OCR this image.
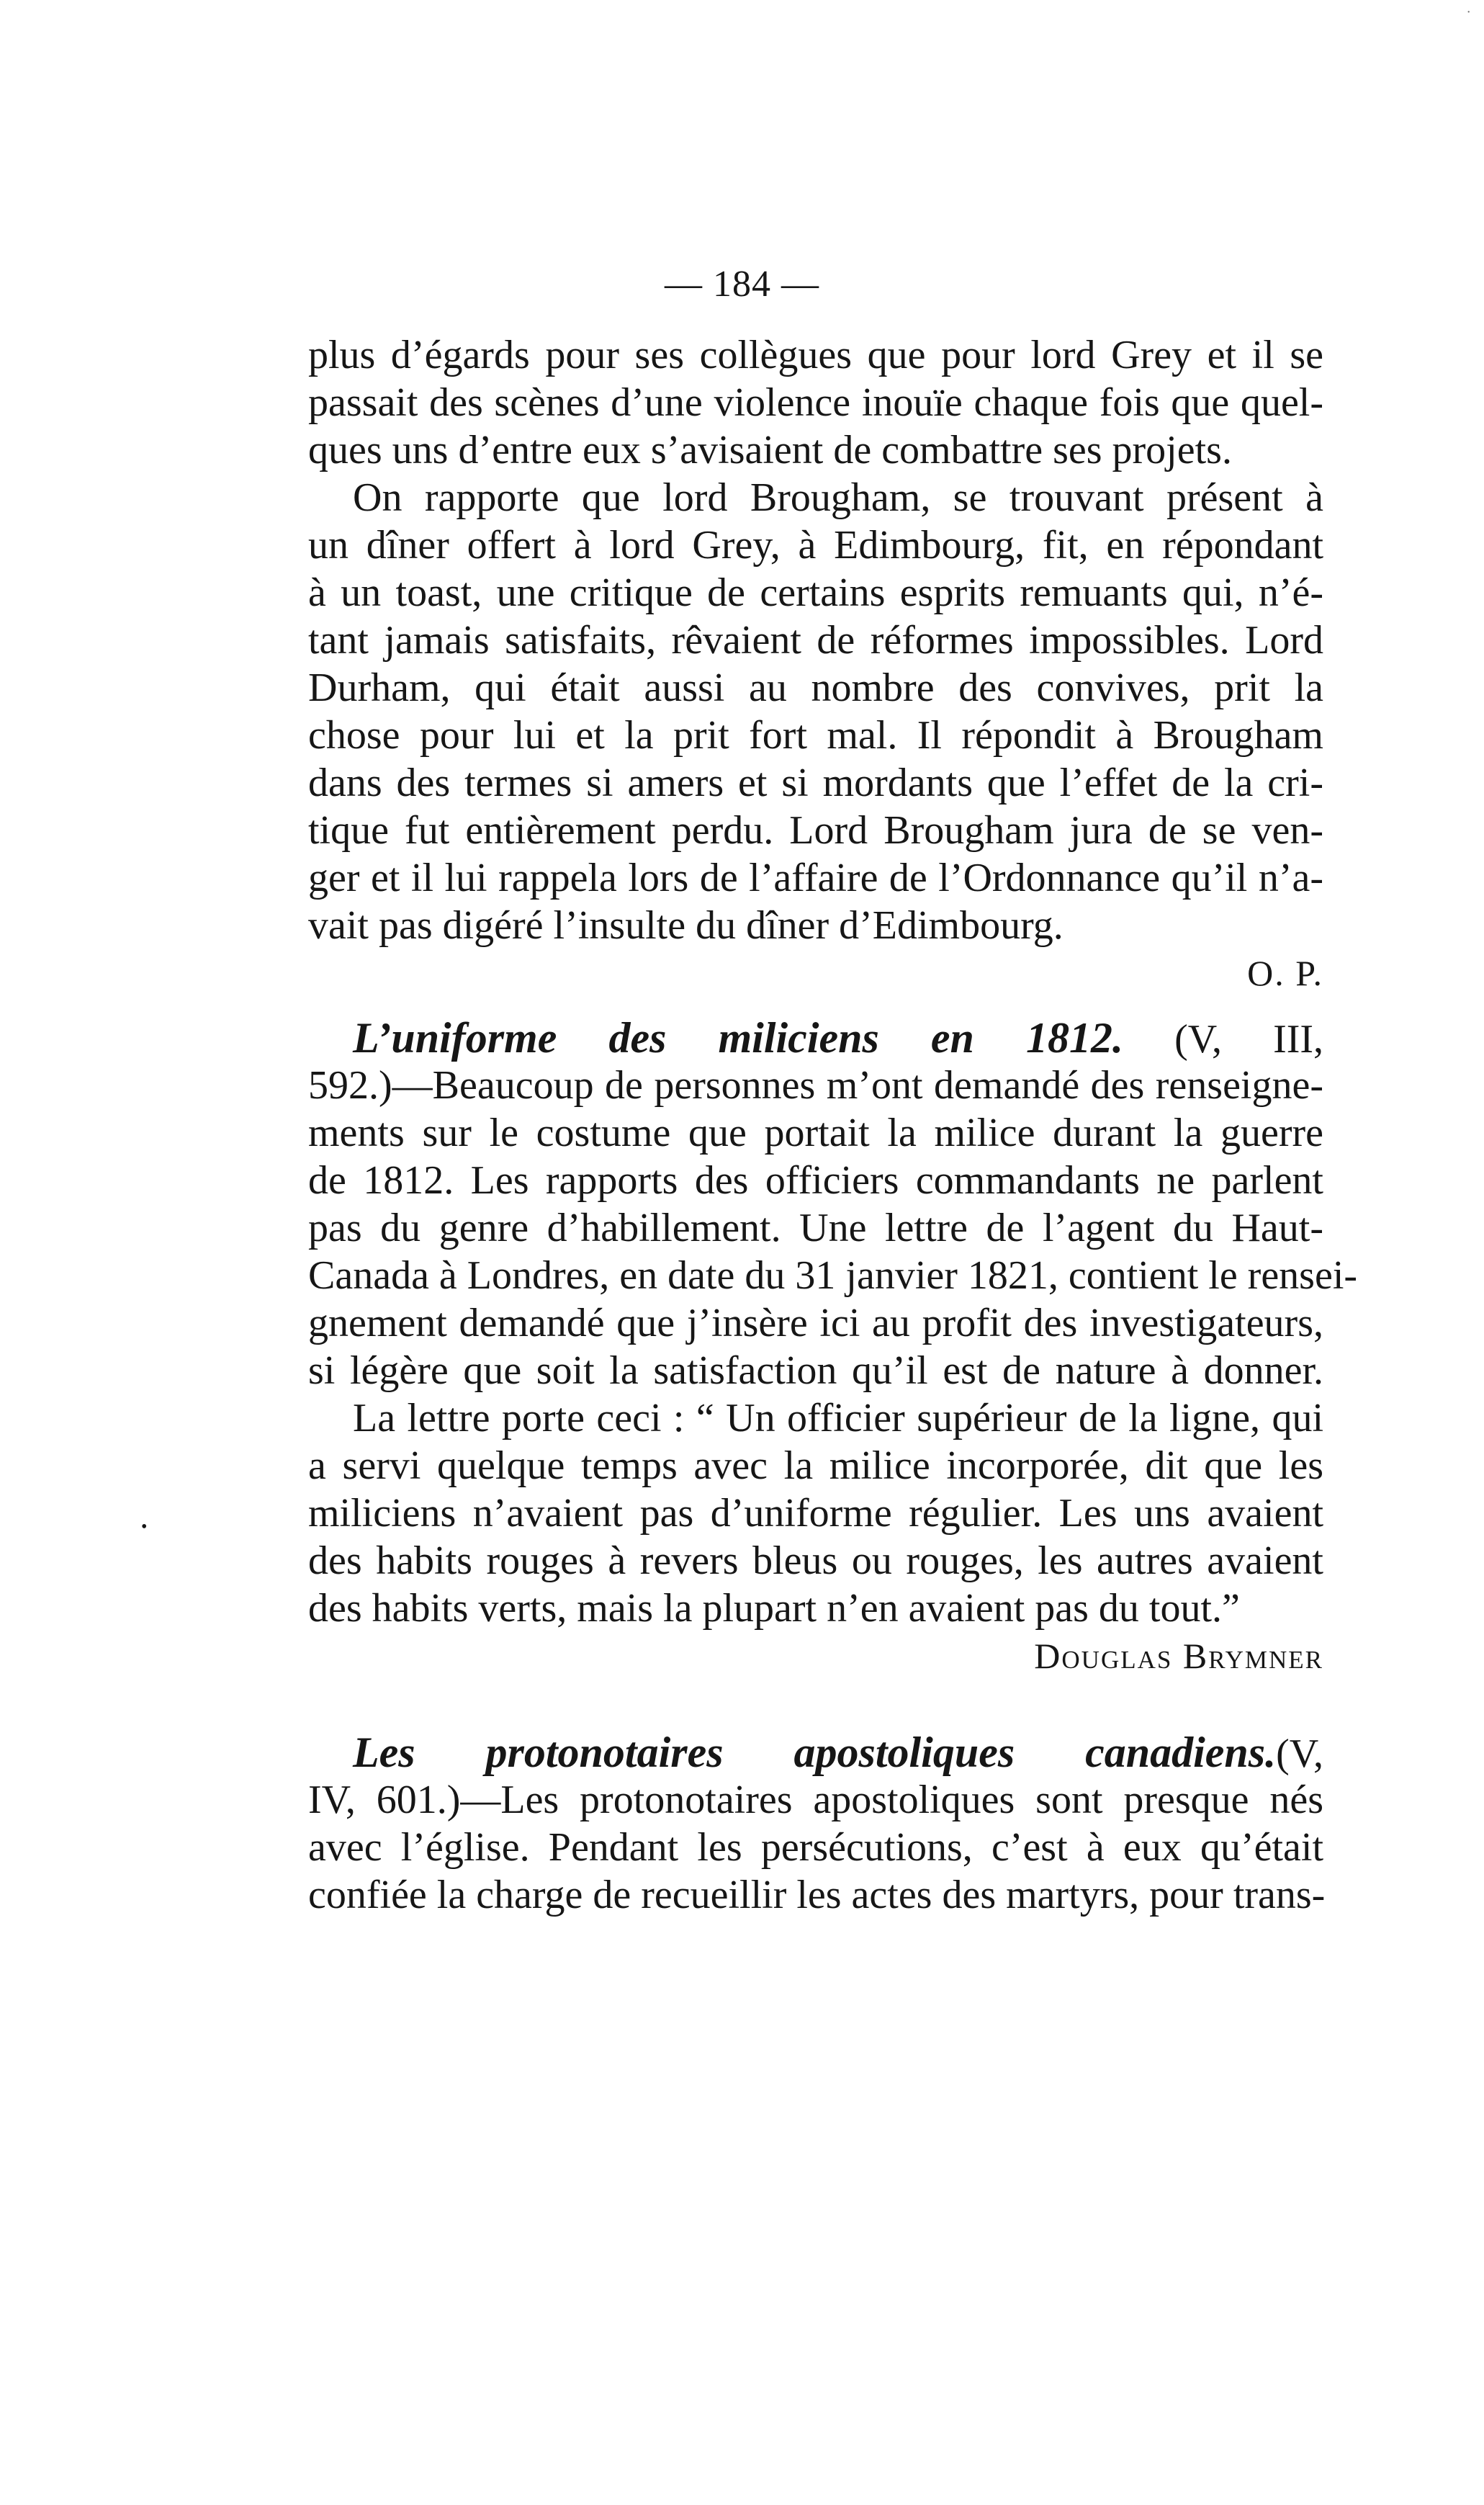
·
— 184 —
plus d’égards pour ses collègues que pour lord Grey et il se
passait des scènes d’une violence inouïe chaque fois que quel-
ques uns d’entre eux s’avisaient de combattre ses projets.
On rapporte que lord Brougham, se trouvant présent à
un dîner offert à lord Grey, à Edimbourg, fit, en répondant
à un toast, une critique de certains esprits remuants qui, n’é-
tant jamais satisfaits, rêvaient de réformes impossibles. Lord
Durham, qui était aussi au nombre des convives, prit la
chose pour lui et la prit fort mal. Il répondit à Brougham
dans des termes si amers et si mordants que l’effet de la cri-
tique fut entièrement perdu. Lord Brougham jura de se ven-
ger et il lui rappela lors de l’affaire de l’Ordonnance qu’il n’a-
vait pas digéré l’insulte du dîner d’Edimbourg.
O. P.
L’uniforme des miliciens en 1812. (V, III,
592.)—Beaucoup de personnes m’ont demandé des renseigne-
ments sur le costume que portait la milice durant la guerre
de 1812. Les rapports des officiers commandants ne parlent
pas du genre d’habillement. Une lettre de l’agent du Haut-
Canada à Londres, en date du 31 janvier 1821, contient le rensei-
gnement demandé que j’insère ici au profit des investigateurs,
si légère que soit la satisfaction qu’il est de nature à donner.
La lettre porte ceci : “ Un officier supérieur de la ligne, qui
a servi quelque temps avec la milice incorporée, dit que les
miliciens n’avaient pas d’uniforme régulier. Les uns avaient
des habits rouges à revers bleus ou rouges, les autres avaient
des habits verts, mais la plupart n’en avaient pas du tout.”
Douglas Brymner
•
Les protonotaires apostoliques canadiens.(V,
IV, 601.)—Les protonotaires apostoliques sont presque nés
avec l’église. Pendant les persécutions, c’est à eux qu’était
confiée la charge de recueillir les actes des martyrs, pour trans-
